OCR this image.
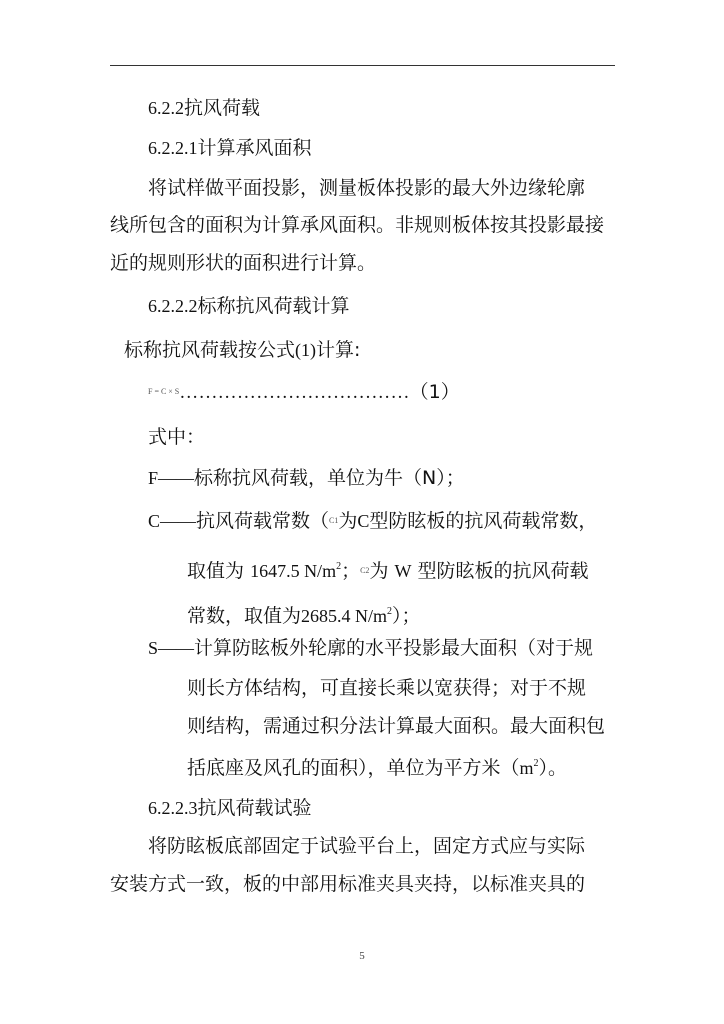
6.2.2抗风荷载
6.2.2.1计算承风面积
将试样做平面投影，测量板体投影的最大外边缘轮廓
线所包含的面积为计算承风面积。非规则板体按其投影最接
近的规则形状的面积进行计算。
6.2.2.2标称抗风荷载计算
标称抗风荷载按公式(1)计算:
$^{F = C \times S}$………………………………（1）
式中：
F——标称抗风荷载，单位为牛（N）；
C——抗风荷载常数（$^{C1}$为C型防眩板的抗风荷载常数，
取值为 1647.5 $N/m^2$；$^{C2}$为 W 型防眩板的抗风荷载
常数，取值为2685.4 $N/m^2$）；
S——计算防眩板外轮廓的水平投影最大面积（对于规
则长方体结构，可直接长乘以宽获得；对于不规
则结构，需通过积分法计算最大面积。最大面积包
括底座及风孔的面积），单位为平方米$(m^2)$。
6.2.2.3抗风荷载试验
将防眩板底部固定于试验平台上，固定方式应与实际
安装方式一致，板的中部用标准夹具夹持，以标准夹具的
5
